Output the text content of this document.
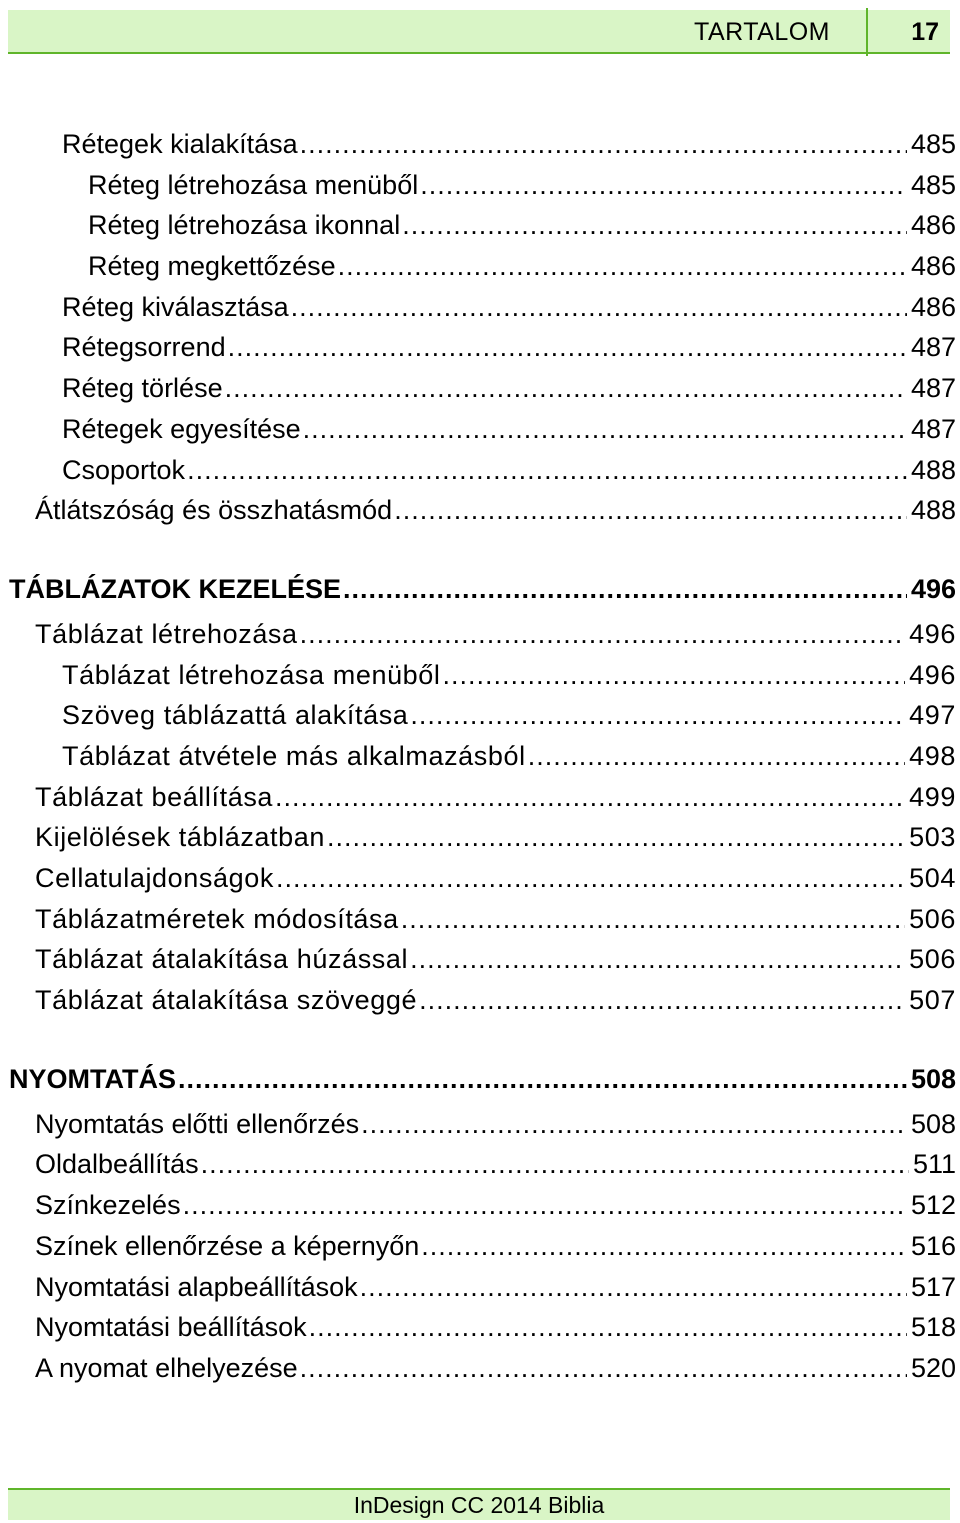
TARTALOM	17
Rétegek kialakítása .....	485
Réteg létrehozása menüből .....	485
Réteg létrehozása ikonnal .....	486
Réteg megkettőzése .....	486
Réteg kiválasztása .....	486
Rétegsorrend .....	487
Réteg törlése .....	487
Rétegek egyesítése .....	487
Csoportok .....	488
Átlátszóság és összhatásmód .....	488
TÁBLÁZATOK KEZELÉSE .....	496
Táblázat létrehozása .....	496
Táblázat létrehozása menüből .....	496
Szöveg táblázattá alakítása .....	497
Táblázat átvétele más alkalmazásból .....	498
Táblázat beállítása .....	499
Kijelölések táblázatban .....	503
Cellatulajdonságok .....	504
Táblázatméretek módosítása .....	506
Táblázat átalakítása húzással .....	506
Táblázat átalakítása szöveggé .....	507
NYOMTATÁS .....	508
Nyomtatás előtti ellenőrzés .....	508
Oldalbeállítás .....	511
Színkezelés .....	512
Színek ellenőrzése a képernyőn .....	516
Nyomtatási alapbeállítások .....	517
Nyomtatási beállítások .....	518
A nyomat elhelyezése .....	520
InDesign CC 2014 Biblia
